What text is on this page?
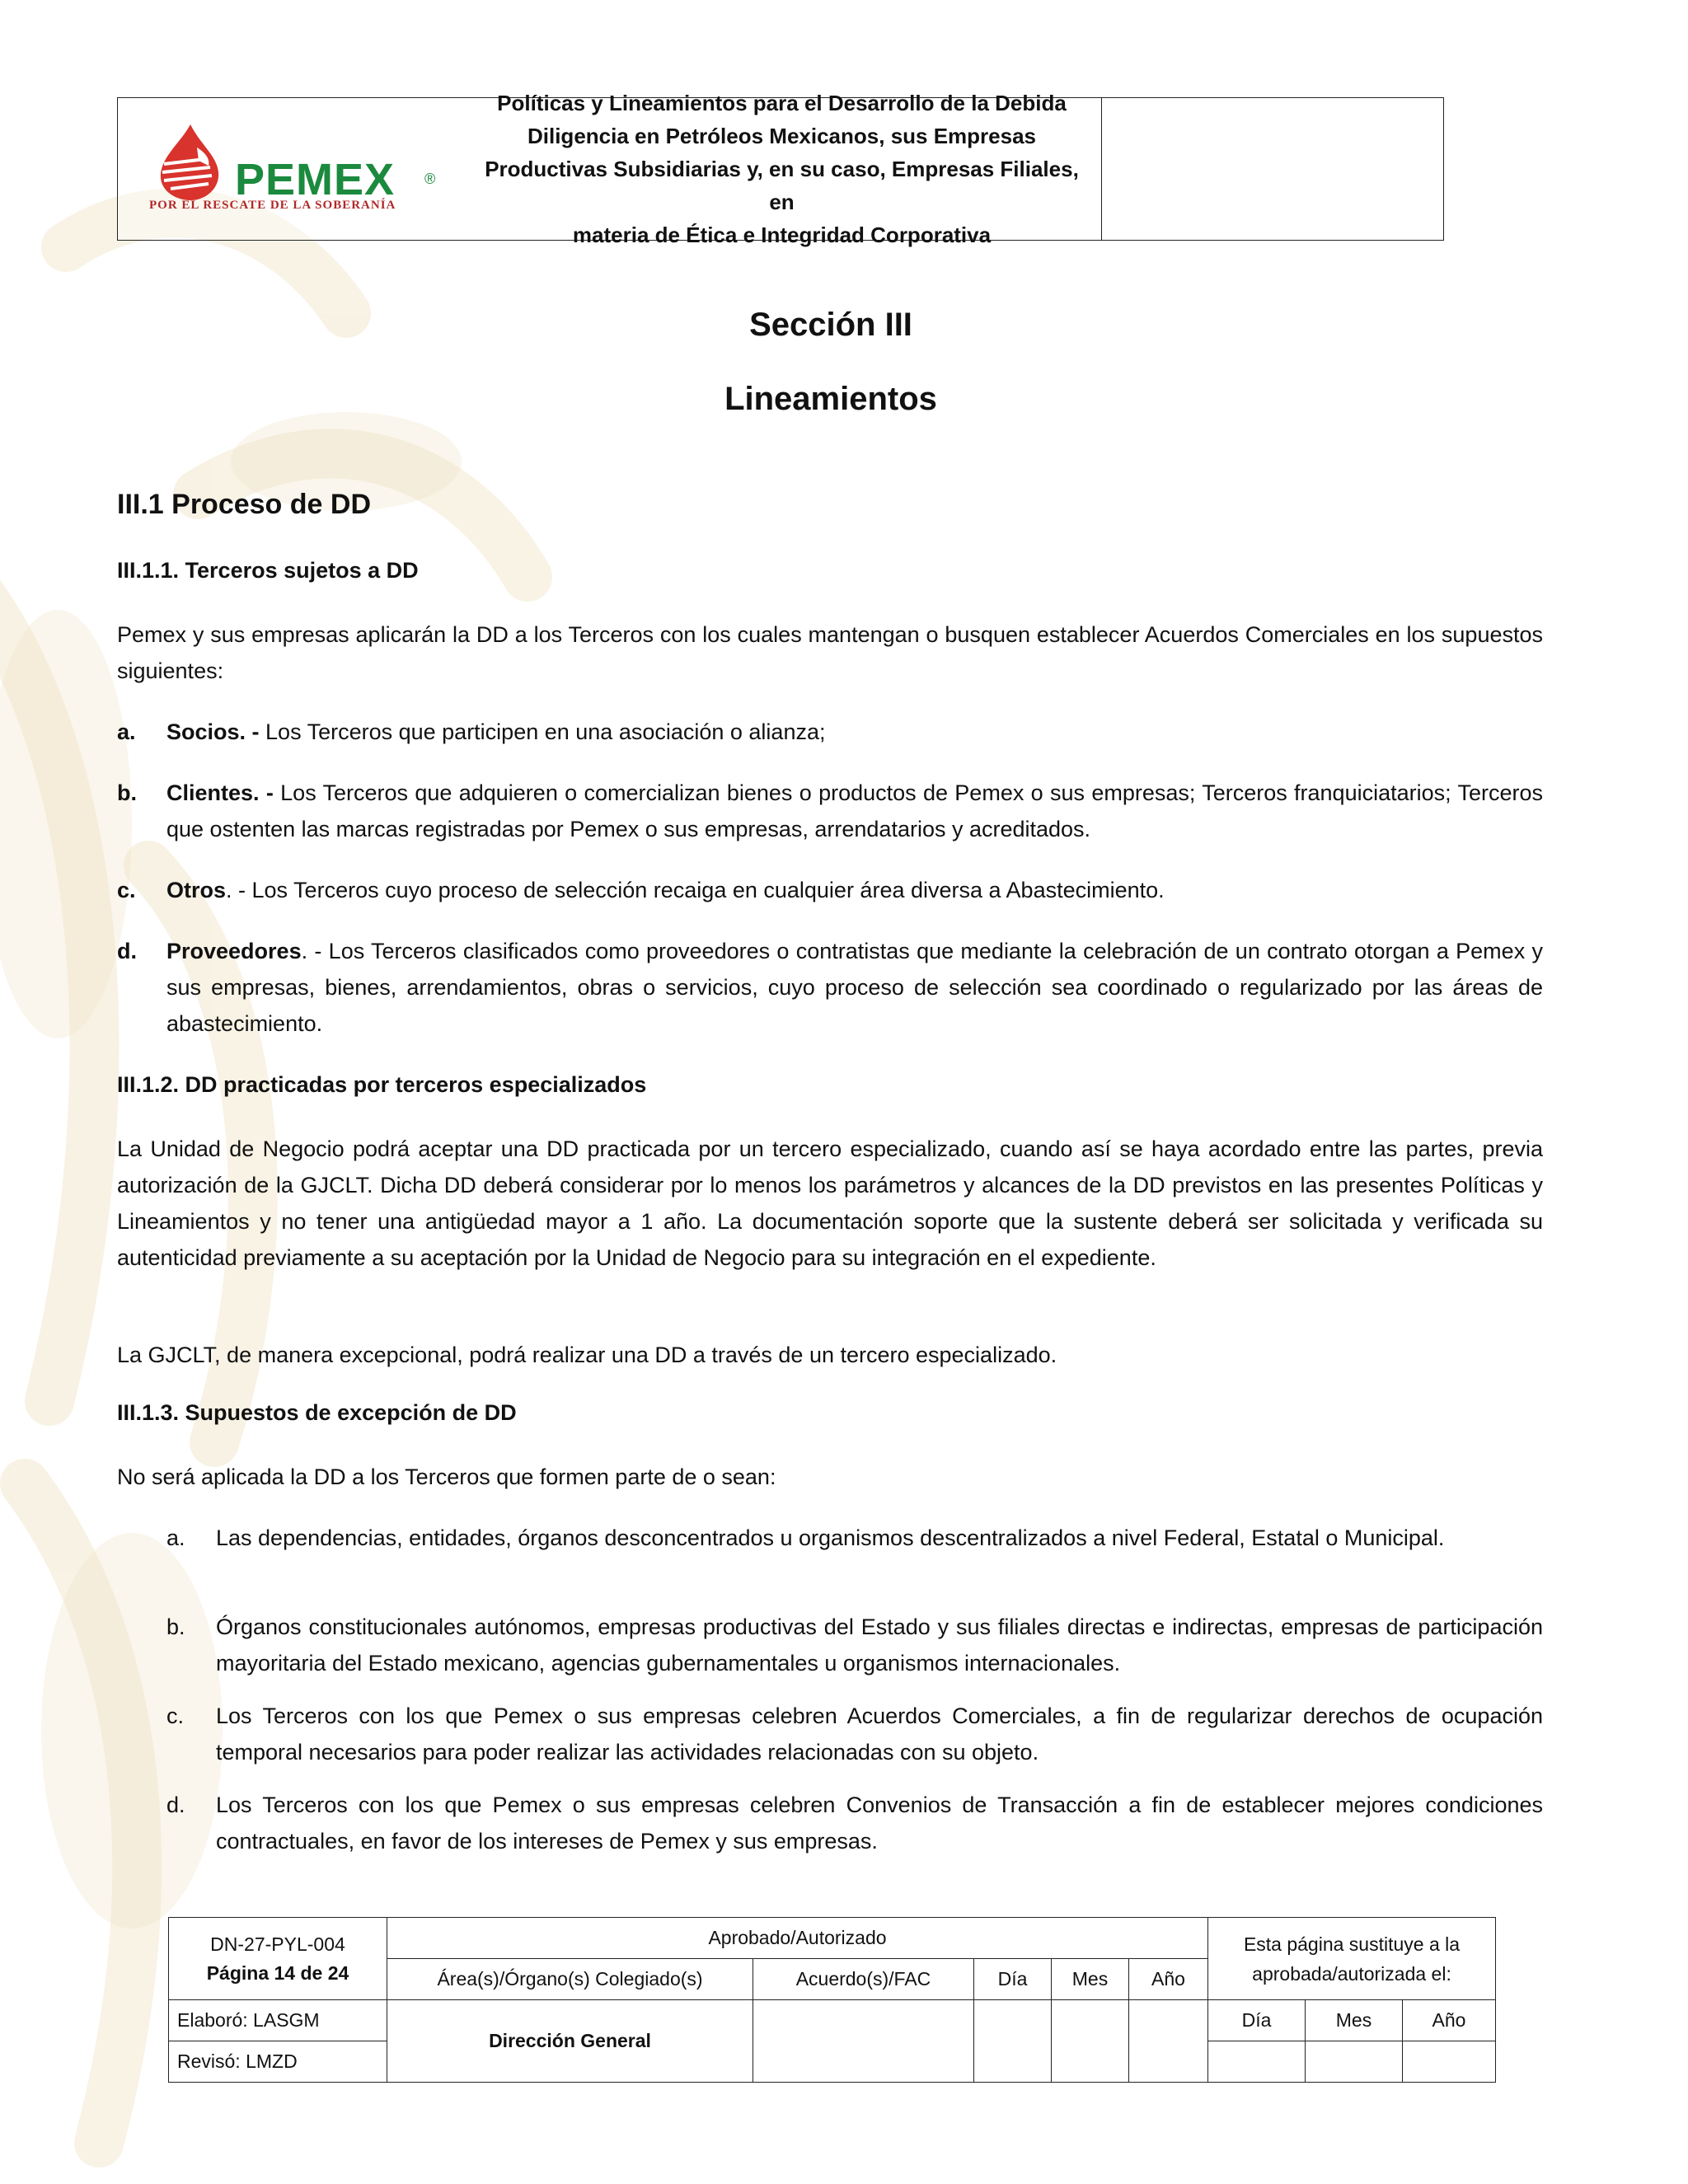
PEMEX ®
POR EL RESCATE DE LA SOBERANÍA
Políticas y Lineamientos para el Desarrollo de la Debida
Diligencia en Petróleos Mexicanos, sus Empresas
Productivas Subsidiarias y, en su caso, Empresas Filiales, en
materia de Ética e Integridad Corporativa
Sección III
Lineamientos
III.1 Proceso de DD
III.1.1. Terceros sujetos a DD
Pemex y sus empresas aplicarán la DD a los Terceros con los cuales mantengan o busquen establecer Acuerdos Comerciales en los supuestos siguientes:
a. Socios. - Los Terceros que participen en una asociación o alianza;
b. Clientes. - Los Terceros que adquieren o comercializan bienes o productos de Pemex o sus empresas; Terceros franquiciatarios; Terceros que ostenten las marcas registradas por Pemex o sus empresas, arrendatarios y acreditados.
c. Otros. - Los Terceros cuyo proceso de selección recaiga en cualquier área diversa a Abastecimiento.
d. Proveedores. - Los Terceros clasificados como proveedores o contratistas que mediante la celebración de un contrato otorgan a Pemex y sus empresas, bienes, arrendamientos, obras o servicios, cuyo proceso de selección sea coordinado o regularizado por las áreas de abastecimiento.
III.1.2. DD practicadas por terceros especializados
La Unidad de Negocio podrá aceptar una DD practicada por un tercero especializado, cuando así se haya acordado entre las partes, previa autorización de la GJCLT. Dicha DD deberá considerar por lo menos los parámetros y alcances de la DD previstos en las presentes Políticas y Lineamientos y no tener una antigüedad mayor a 1 año. La documentación soporte que la sustente deberá ser solicitada y verificada su autenticidad previamente a su aceptación por la Unidad de Negocio para su integración en el expediente.
La GJCLT, de manera excepcional, podrá realizar una DD a través de un tercero especializado.
III.1.3. Supuestos de excepción de DD
No será aplicada la DD a los Terceros que formen parte de o sean:
a. Las dependencias, entidades, órganos desconcentrados u organismos descentralizados a nivel Federal, Estatal o Municipal.
b. Órganos constitucionales autónomos, empresas productivas del Estado y sus filiales directas e indirectas, empresas de participación mayoritaria del Estado mexicano, agencias gubernamentales u organismos internacionales.
c. Los Terceros con los que Pemex o sus empresas celebren Acuerdos Comerciales, a fin de regularizar derechos de ocupación temporal necesarios para poder realizar las actividades relacionadas con su objeto.
d. Los Terceros con los que Pemex o sus empresas celebren Convenios de Transacción a fin de establecer mejores condiciones contractuales, en favor de los intereses de Pemex y sus empresas.
DN-27-PYL-004
Página 14 de 24	Aprobado/Autorizado					Esta página sustituye a la aprobada/autorizada el:		
	Área(s)/Órgano(s) Colegiado(s)	Acuerdo(s)/FAC	Día	Mes	Año			
Elaboró: LASGM	Dirección General					Día	Mes	Año
Revisó: LMZD								
